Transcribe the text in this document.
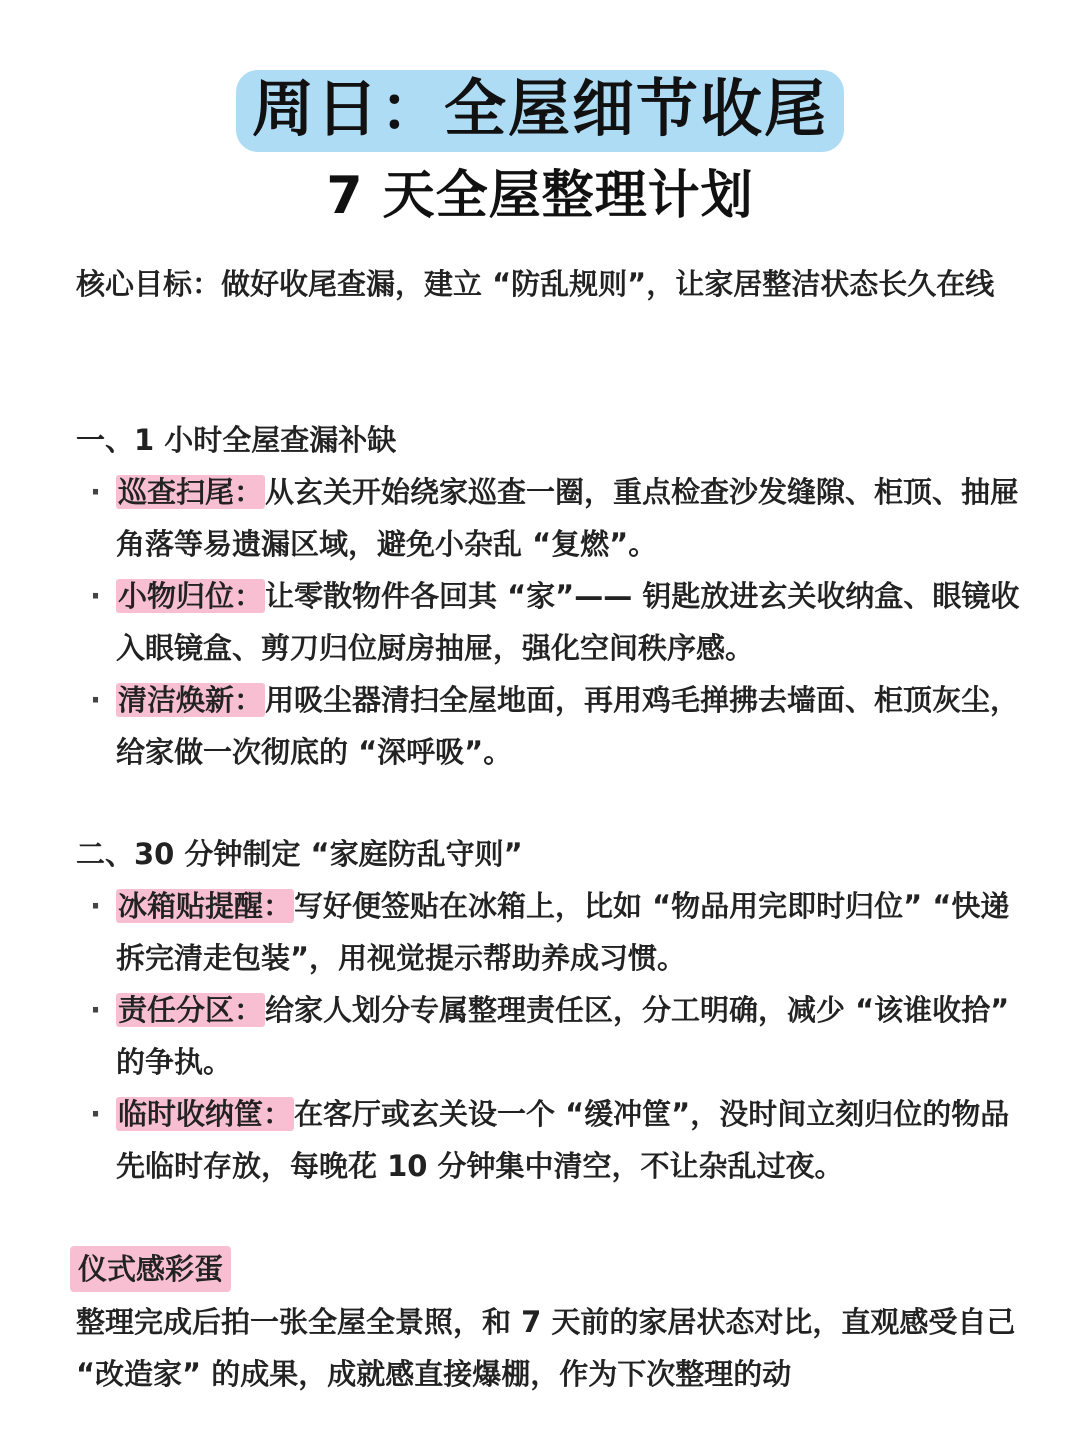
周日：全屋细节收尾
7 天全屋整理计划
核心目标：做好收尾查漏，建立 “防乱规则”，让家居整洁状态长久在线
一、1 小时全屋查漏补缺
· 巡查扫尾：从玄关开始绕家巡查一圈，重点检查沙发缝隙、柜顶、抽屉角落等易遗漏区域，避免小杂乱 “复燃”。
· 小物归位：让零散物件各回其 “家”—— 钥匙放进玄关收纳盒、眼镜收入眼镜盒、剪刀归位厨房抽屉，强化空间秩序感。
· 清洁焕新：用吸尘器清扫全屋地面，再用鸡毛掸拂去墙面、柜顶灰尘，给家做一次彻底的 “深呼吸”。
二、30 分钟制定 “家庭防乱守则”
· 冰箱贴提醒：写好便签贴在冰箱上，比如 “物品用完即时归位” “快递拆完清走包装”，用视觉提示帮助养成习惯。
· 责任分区：给家人划分专属整理责任区，分工明确，减少 “该谁收拾” 的争执。
· 临时收纳筐：在客厅或玄关设一个 “缓冲筐”，没时间立刻归位的物品先临时存放，每晚花 10 分钟集中清空，不让杂乱过夜。
仪式感彩蛋
整理完成后拍一张全屋全景照，和 7 天前的家居状态对比，直观感受自己 “改造家” 的成果，成就感直接爆棚，作为下次整理的动
